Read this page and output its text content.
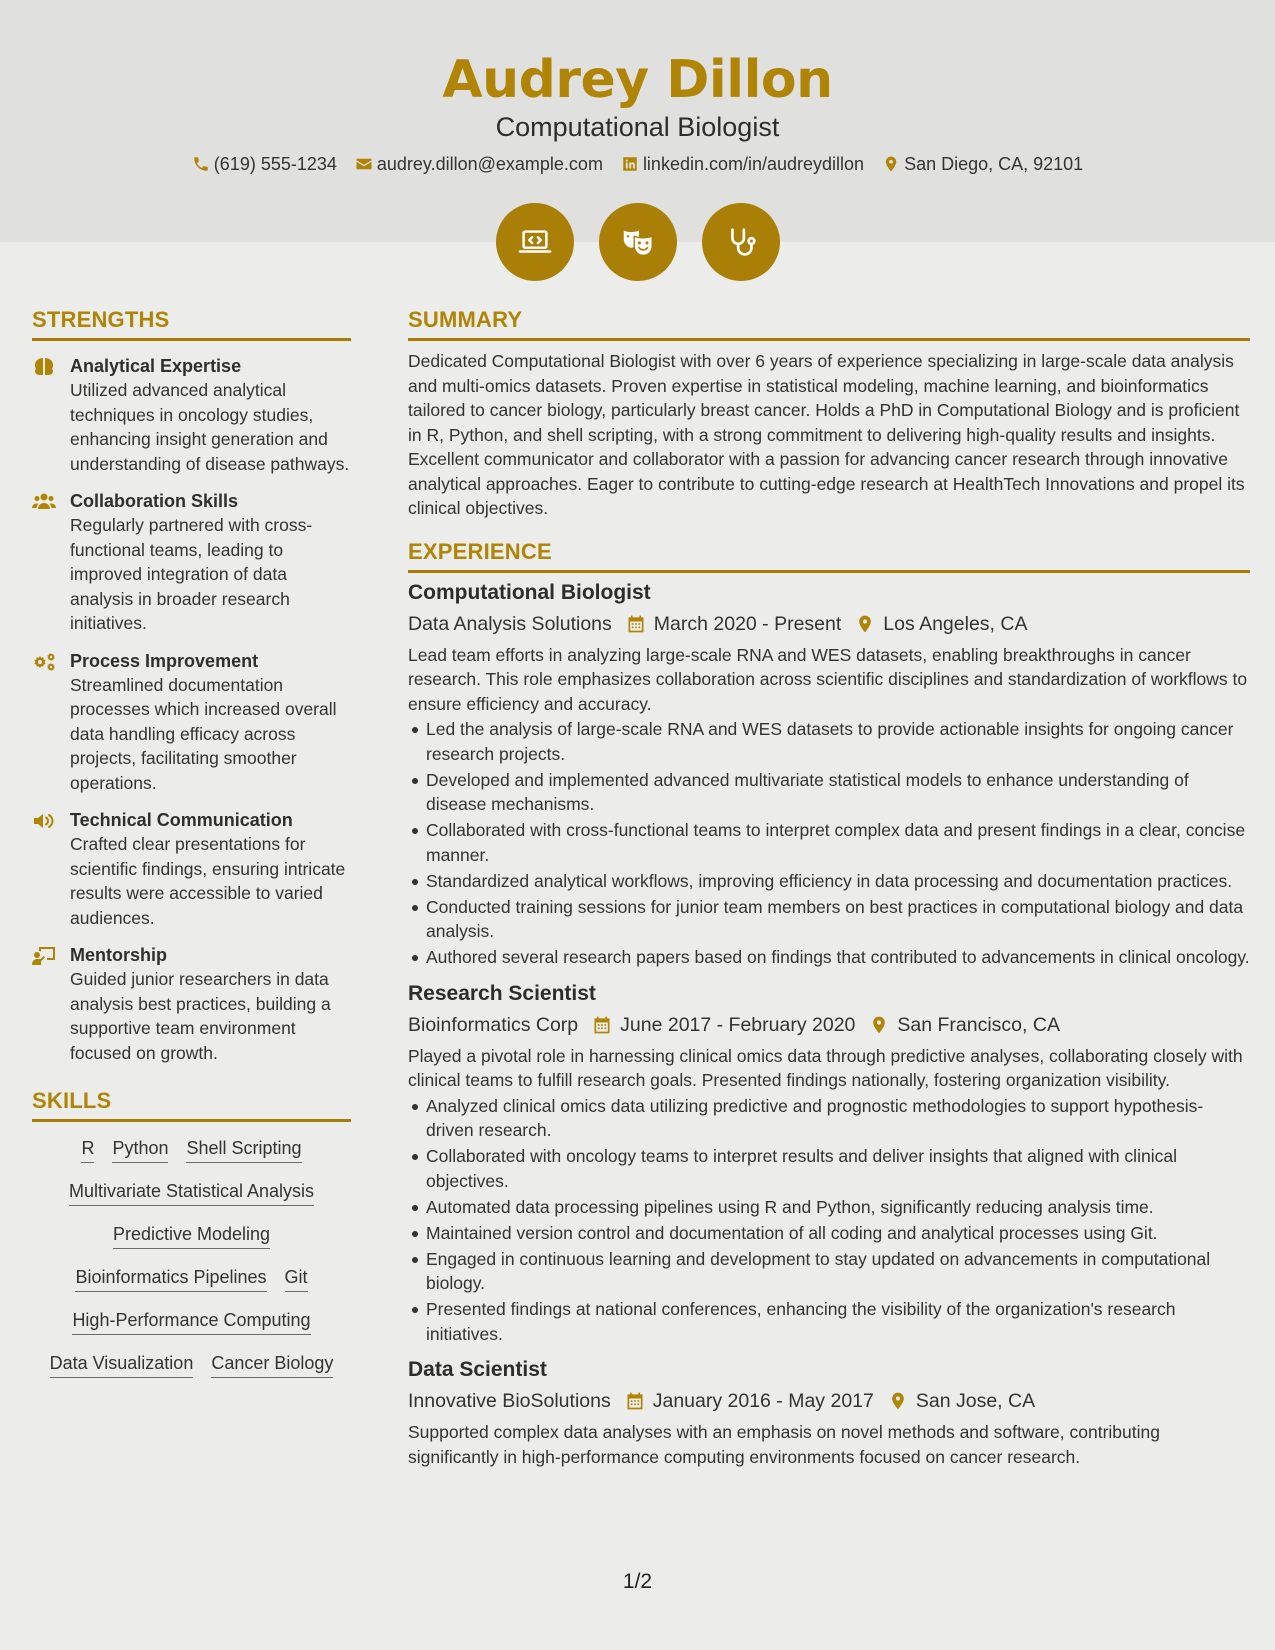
Audrey Dillon
Computational Biologist
(619) 555-1234 audrey.dillon@example.com linkedin.com/in/audreydillon San Diego, CA, 92101
STRENGTHS
Analytical Expertise
Utilized advanced analytical techniques in oncology studies, enhancing insight generation and understanding of disease pathways.
Collaboration Skills
Regularly partnered with cross-functional teams, leading to improved integration of data analysis in broader research initiatives.
Process Improvement
Streamlined documentation processes which increased overall data handling efficacy across projects, facilitating smoother operations.
Technical Communication
Crafted clear presentations for scientific findings, ensuring intricate results were accessible to varied audiences.
Mentorship
Guided junior researchers in data analysis best practices, building a supportive team environment focused on growth.
SKILLS
R Python Shell Scripting
Multivariate Statistical Analysis
Predictive Modeling
Bioinformatics Pipelines Git
High-Performance Computing
Data Visualization Cancer Biology
SUMMARY
Dedicated Computational Biologist with over 6 years of experience specializing in large-scale data analysis and multi-omics datasets. Proven expertise in statistical modeling, machine learning, and bioinformatics tailored to cancer biology, particularly breast cancer. Holds a PhD in Computational Biology and is proficient in R, Python, and shell scripting, with a strong commitment to delivering high-quality results and insights. Excellent communicator and collaborator with a passion for advancing cancer research through innovative analytical approaches. Eager to contribute to cutting-edge research at HealthTech Innovations and propel its clinical objectives.
EXPERIENCE
Computational Biologist
Data Analysis Solutions March 2020 - Present Los Angeles, CA
Lead team efforts in analyzing large-scale RNA and WES datasets, enabling breakthroughs in cancer research. This role emphasizes collaboration across scientific disciplines and standardization of workflows to ensure efficiency and accuracy.
Led the analysis of large-scale RNA and WES datasets to provide actionable insights for ongoing cancer research projects.
Developed and implemented advanced multivariate statistical models to enhance understanding of disease mechanisms.
Collaborated with cross-functional teams to interpret complex data and present findings in a clear, concise manner.
Standardized analytical workflows, improving efficiency in data processing and documentation practices.
Conducted training sessions for junior team members on best practices in computational biology and data analysis.
Authored several research papers based on findings that contributed to advancements in clinical oncology.
Research Scientist
Bioinformatics Corp June 2017 - February 2020 San Francisco, CA
Played a pivotal role in harnessing clinical omics data through predictive analyses, collaborating closely with clinical teams to fulfill research goals. Presented findings nationally, fostering organization visibility.
Analyzed clinical omics data utilizing predictive and prognostic methodologies to support hypothesis-driven research.
Collaborated with oncology teams to interpret results and deliver insights that aligned with clinical objectives.
Automated data processing pipelines using R and Python, significantly reducing analysis time.
Maintained version control and documentation of all coding and analytical processes using Git.
Engaged in continuous learning and development to stay updated on advancements in computational biology.
Presented findings at national conferences, enhancing the visibility of the organization's research initiatives.
Data Scientist
Innovative BioSolutions January 2016 - May 2017 San Jose, CA
Supported complex data analyses with an emphasis on novel methods and software, contributing significantly in high-performance computing environments focused on cancer research.
1/2
